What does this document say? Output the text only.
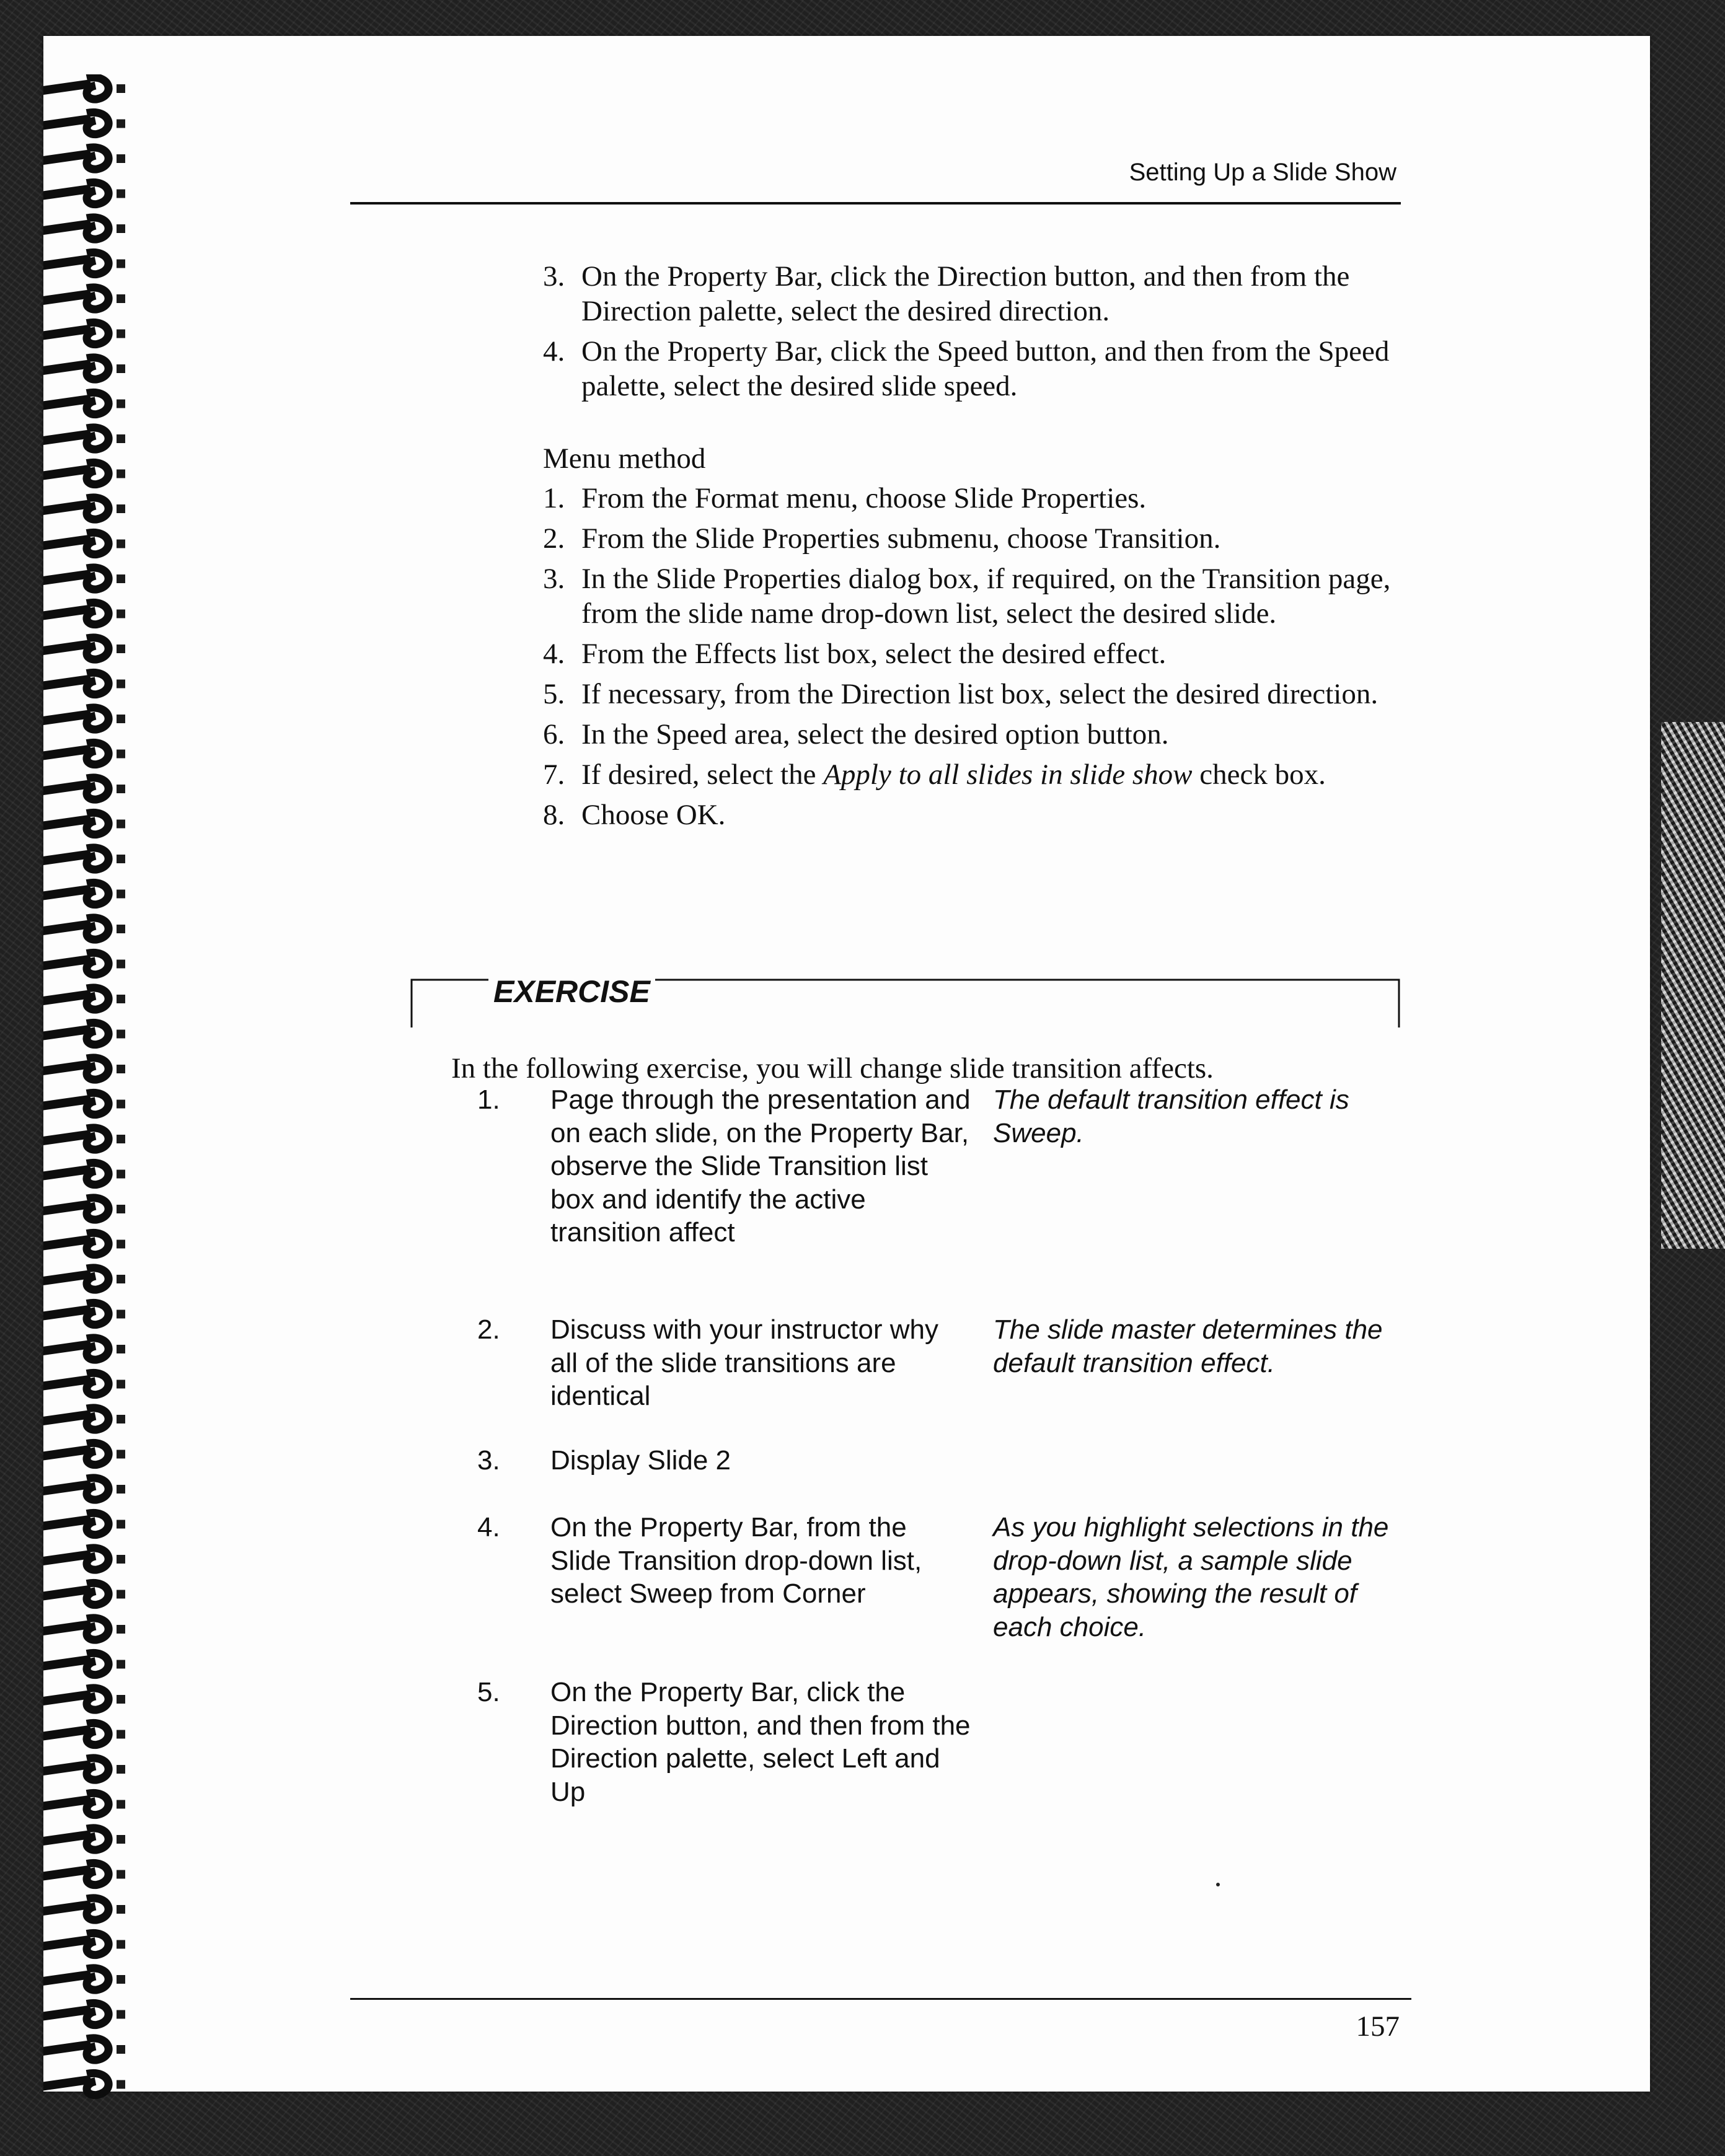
Setting Up a Slide Show
3. On the Property Bar, click the Direction button, and then from the Direction palette, select the desired direction.
4. On the Property Bar, click the Speed button, and then from the Speed palette, select the desired slide speed.
Menu method
1. From the Format menu, choose Slide Properties.
2. From the Slide Properties submenu, choose Transition.
3. In the Slide Properties dialog box, if required, on the Transition page, from the slide name drop-down list, select the desired slide.
4. From the Effects list box, select the desired effect.
5. If necessary, from the Direction list box, select the desired direction.
6. In the Speed area, select the desired option button.
7. If desired, select the Apply to all slides in slide show check box.
8. Choose OK.
EXERCISE
In the following exercise, you will change slide transition affects.
1. Page through the presentation and on each slide, on the Property Bar, observe the Slide Transition list box and identify the active transition affect
The default transition effect is Sweep.
2. Discuss with your instructor why all of the slide transitions are identical
The slide master determines the default transition effect.
3. Display Slide 2
4. On the Property Bar, from the Slide Transition drop-down list, select Sweep from Corner
As you highlight selections in the drop-down list, a sample slide appears, showing the result of each choice.
5. On the Property Bar, click the Direction button, and then from the Direction palette, select Left and Up
157
